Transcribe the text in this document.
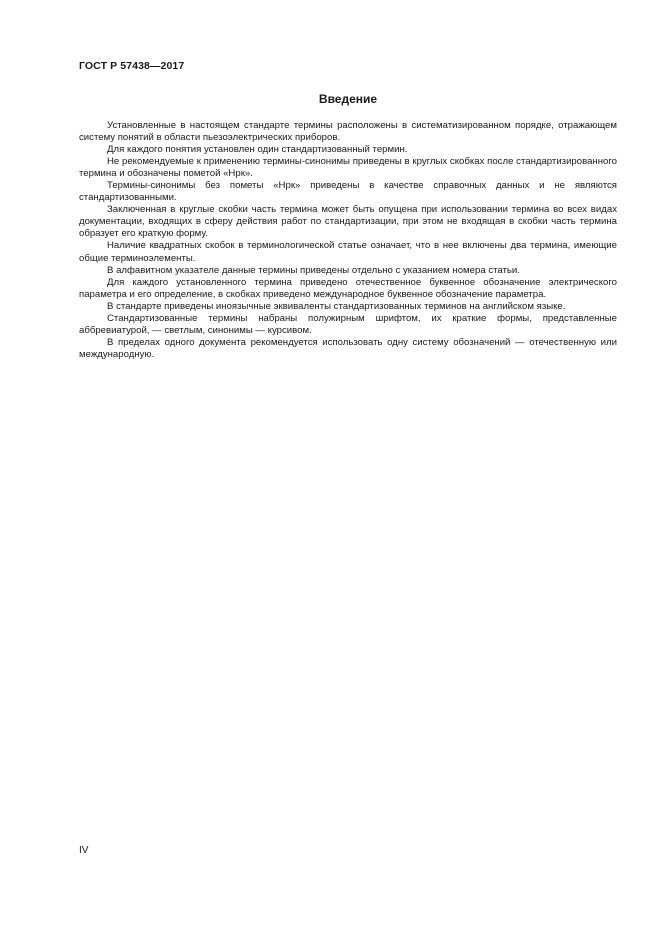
ГОСТ Р 57438—2017
Введение

Установленные в настоящем стандарте термины расположены в систематизированном порядке, отражающем систему понятий в области пьезоэлектрических приборов.

Для каждого понятия установлен один стандартизованный термин.

Не рекомендуемые к применению термины-синонимы приведены в круглых скобках после стандартизированного термина и обозначены пометой «Нрк».

Термины-синонимы без пометы «Нрк» приведены в качестве справочных данных и не являются стандартизованными.

Заключенная в круглые скобки часть термина может быть опущена при использовании термина во всех видах документации, входящих в сферу действия работ по стандартизации, при этом не входящая в скобки часть термина образует его краткую форму.

Наличие квадратных скобок в терминологической статье означает, что в нее включены два термина, имеющие общие терминоэлементы.

В алфавитном указателе данные термины приведены отдельно с указанием номера статьи.

Для каждого установленного термина приведено отечественное буквенное обозначение электрического параметра и его определение, в скобках приведено международное буквенное обозначение параметра.

В стандарте приведены иноязычные эквиваленты стандартизованных терминов на английском языке.

Стандартизованные термины набраны полужирным шрифтом, их краткие формы, представленные аббревиатурой, — светлым, синонимы — курсивом.

В пределах одного документа рекомендуется использовать одну систему обозначений — отечественную или международную.

IV
